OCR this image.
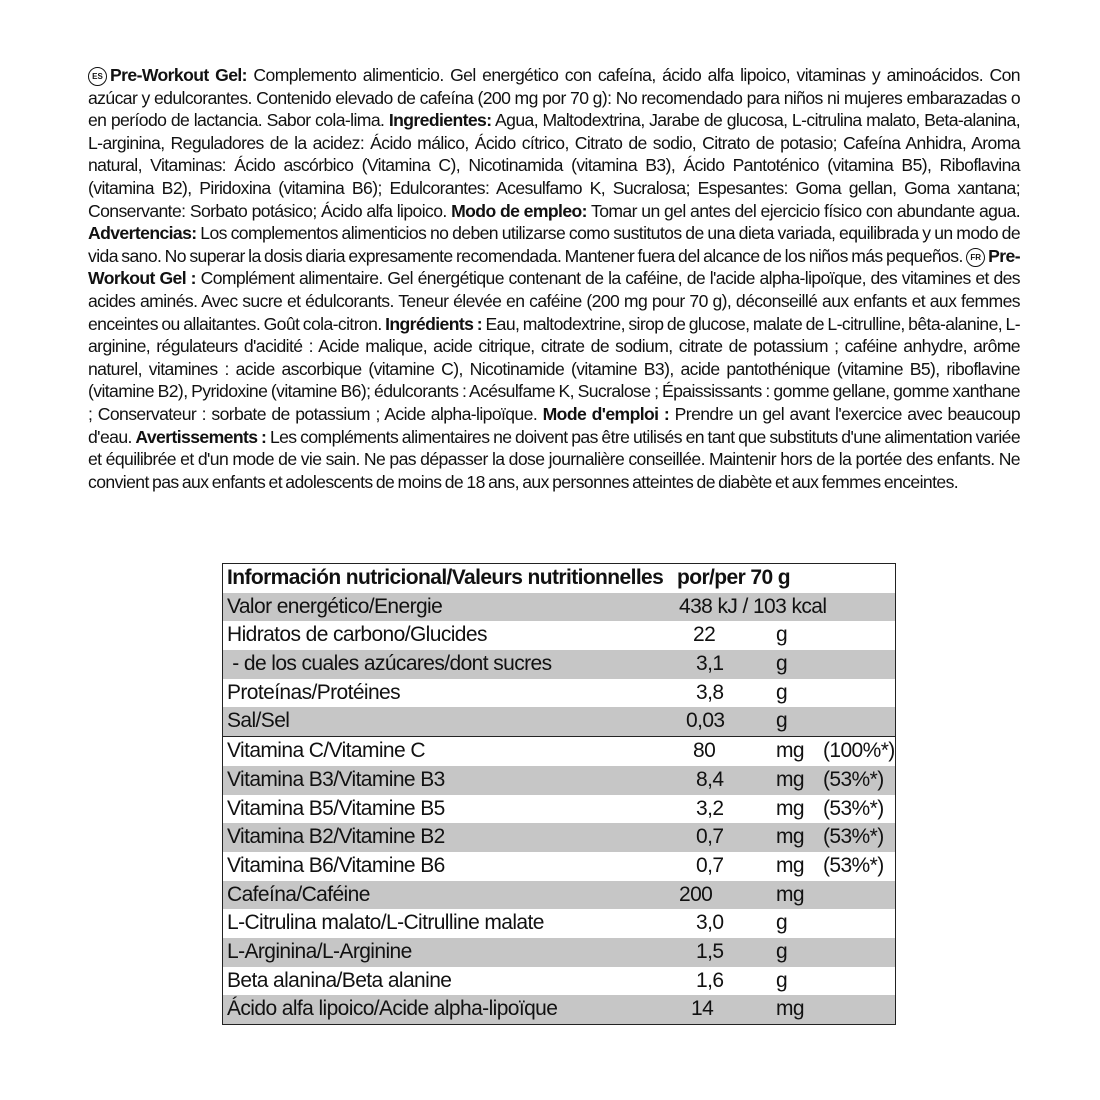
ES Pre-Workout Gel: Complemento alimenticio. Gel energético con cafeína, ácido alfa lipoico, vitaminas y aminoácidos. Con azúcar y edulcorantes. Contenido elevado de cafeína (200 mg por 70 g): No recomendado para niños ni mujeres embarazadas o en período de lactancia. Sabor cola-lima. Ingredientes: Agua, Maltodextrina, Jarabe de glucosa, L-citrulina malato, Beta-alanina, L-arginina, Reguladores de la acidez: Ácido málico, Ácido cítrico, Citrato de sodio, Citrato de potasio; Cafeína Anhidra, Aroma natural, Vitaminas: Ácido ascórbico (Vitamina C), Nicotinamida (vitamina B3), Ácido Pantoténico (vitamina B5), Riboflavina (vitamina B2), Piridoxina (vitamina B6); Edulcorantes: Acesulfamo K, Sucralosa; Espesantes: Goma gellan, Goma xantana; Conservante: Sorbato potásico; Ácido alfa lipoico. Modo de empleo: Tomar un gel antes del ejercicio físico con abundante agua. Advertencias: Los complementos alimenticios no deben utilizarse como sustitutos de una dieta variada, equilibrada y un modo de vida sano. No superar la dosis diaria expresamente recomendada. Mantener fuera del alcance de los niños más pequeños. FR Pre-Workout Gel : Complément alimentaire. Gel énergétique contenant de la caféine, de l'acide alpha-lipoïque, des vitamines et des acides aminés. Avec sucre et édulcorants. Teneur élevée en caféine (200 mg pour 70 g), déconseillé aux enfants et aux femmes enceintes ou allaitantes. Goût cola-citron. Ingrédients : Eau, maltodextrine, sirop de glucose, malate de L-citrulline, bêta-alanine, L-arginine, régulateurs d'acidité : Acide malique, acide citrique, citrate de sodium, citrate de potassium ; caféine anhydre, arôme naturel, vitamines : acide ascorbique (vitamine C), Nicotinamide (vitamine B3), acide pantothénique (vitamine B5), riboflavine (vitamine B2), Pyridoxine (vitamine B6); édulcorants : Acésulfame K, Sucralose ; Épaississants : gomme gellane, gomme xanthane ; Conservateur : sorbate de potassium ; Acide alpha-lipoïque. Mode d'emploi : Prendre un gel avant l'exercice avec beaucoup d'eau. Avertissements : Les compléments alimentaires ne doivent pas être utilisés en tant que substituts d'une alimentation variée et équilibrée et d'un mode de vie sain. Ne pas dépasser la dose journalière conseillée. Maintenir hors de la portée des enfants. Ne convient pas aux enfants et adolescents de moins de 18 ans, aux personnes atteintes de diabète et aux femmes enceintes.
Información nutricional/Valeurs nutritionnelles por/per 70 g
Valor energético/Energie	438 kJ / 103 kcal
Hidratos de carbono/Glucides	22	g
- de los cuales azúcares/dont sucres	3,1	g
Proteínas/Protéines	3,8	g
Sal/Sel	0,03 g
Vitamina C/Vitamine C	80	mg (100%*)
Vitamina B3/Vitamine B3	8,4	mg (53%*)
Vitamina B5/Vitamine B5	3,2	mg (53%*)
Vitamina B2/Vitamine B2	0,7	mg (53%*)
Vitamina B6/Vitamine B6	0,7	mg (53%*)
Cafeína/Caféine	200	mg
L-Citrulina malato/L-Citrulline malate	3,0	g
L-Arginina/L-Arginine	1,5	g
Beta alanina/Beta alanine	1,6	g
Ácido alfa lipoico/Acide alpha-lipoïque	14	mg
